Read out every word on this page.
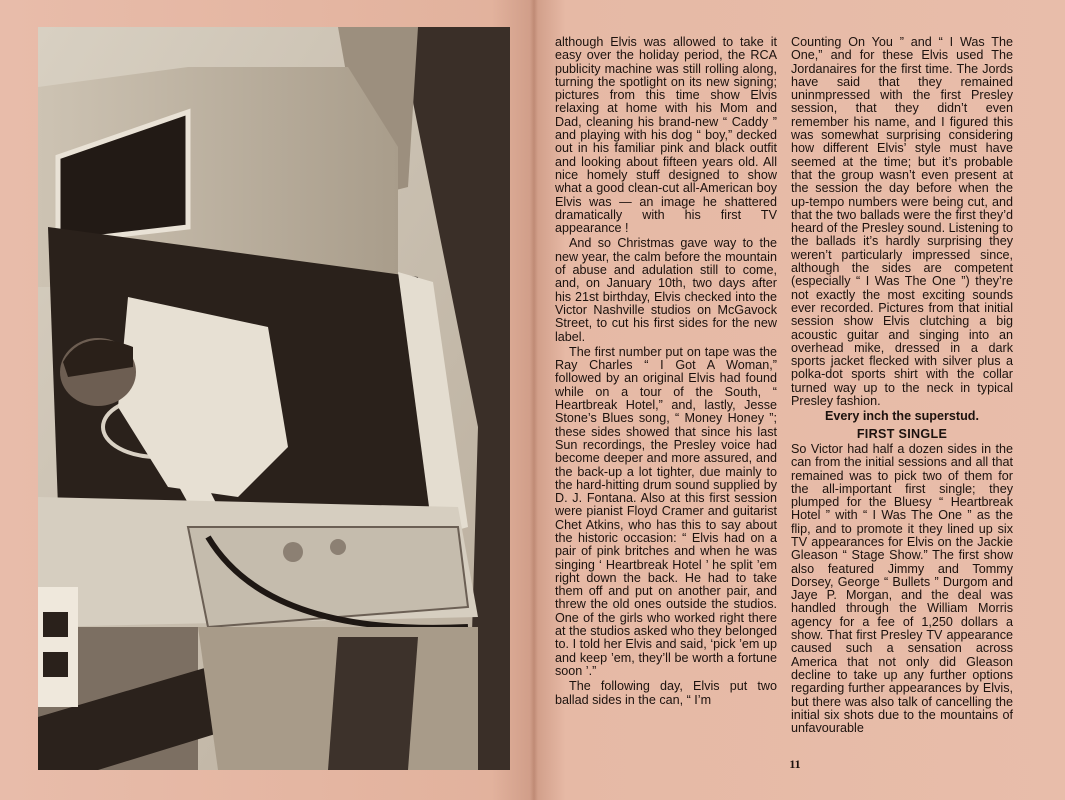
although Elvis was allowed to take it easy over the holiday period, the RCA publicity machine was still rolling along, turning the spotlight on its new signing; pictures from this time show Elvis relaxing at home with his Mom and Dad, cleaning his brand-new “ Caddy ” and playing with his dog “ boy,” decked out in his familiar pink and black outfit and looking about fifteen years old. All nice homely stuff designed to show what a good clean-cut all-American boy Elvis was — an image he shattered dramatically with his first TV appearance !

And so Christmas gave way to the new year, the calm before the mountain of abuse and adulation still to come, and, on January 10th, two days after his 21st birthday, Elvis checked into the Victor Nashville studios on McGavock Street, to cut his first sides for the new label.

The first number put on tape was the Ray Charles “ I Got A Woman,” followed by an original Elvis had found while on a tour of the South, “ Heartbreak Hotel,” and, lastly, Jesse Stone’s Blues song, “ Money Honey ”; these sides showed that since his last Sun recordings, the Presley voice had become deeper and more assured, and the back-up a lot tighter, due mainly to the hard-hitting drum sound supplied by D. J. Fontana. Also at this first session were pianist Floyd Cramer and guitarist Chet Atkins, who has this to say about the historic occasion: “ Elvis had on a pair of pink britches and when he was singing ‘ Heartbreak Hotel ’ he split ’em right down the back. He had to take them off and put on another pair, and threw the old ones outside the studios. One of the girls who worked right there at the studios asked who they belonged to. I told her Elvis and said, ‘pick ’em up and keep ’em, they’ll be worth a fortune soon ’.”

The following day, Elvis put two ballad sides in the can, “ I’m

Counting On You ” and “ I Was The One,” and for these Elvis used The Jordanaires for the first time. The Jords have said that they remained uninmpressed with the first Presley session, that they didn’t even remember his name, and I figured this was somewhat surprising considering how different Elvis’ style must have seemed at the time; but it’s probable that the group wasn’t even present at the session the day before when the up-tempo numbers were being cut, and that the two ballads were the first they’d heard of the Presley sound. Listening to the ballads it’s hardly surprising they weren’t particularly impressed since, although the sides are competent (especially “ I Was The One ”) they’re not exactly the most exciting sounds ever recorded. Pictures from that initial session show Elvis clutching a big acoustic guitar and singing into an overhead mike, dressed in a dark sports jacket flecked with silver plus a polka-dot sports shirt with the collar turned way up to the neck in typical Presley fashion.

Every inch the superstud.

FIRST SINGLE

So Victor had half a dozen sides in the can from the initial sessions and all that remained was to pick two of them for the all-important first single; they plumped for the Bluesy “ Heartbreak Hotel ” with “ I Was The One ” as the flip, and to promote it they lined up six TV appearances for Elvis on the Jackie Gleason “ Stage Show.” The first show also featured Jimmy and Tommy Dorsey, George “ Bullets ” Durgom and Jaye P. Morgan, and the deal was handled through the William Morris agency for a fee of 1,250 dollars a show. That first Presley TV appearance caused such a sensation across America that not only did Gleason decline to take up any further options regarding further appearances by Elvis, but there was also talk of cancelling the initial six shots due to the mountains of unfavourable

11
